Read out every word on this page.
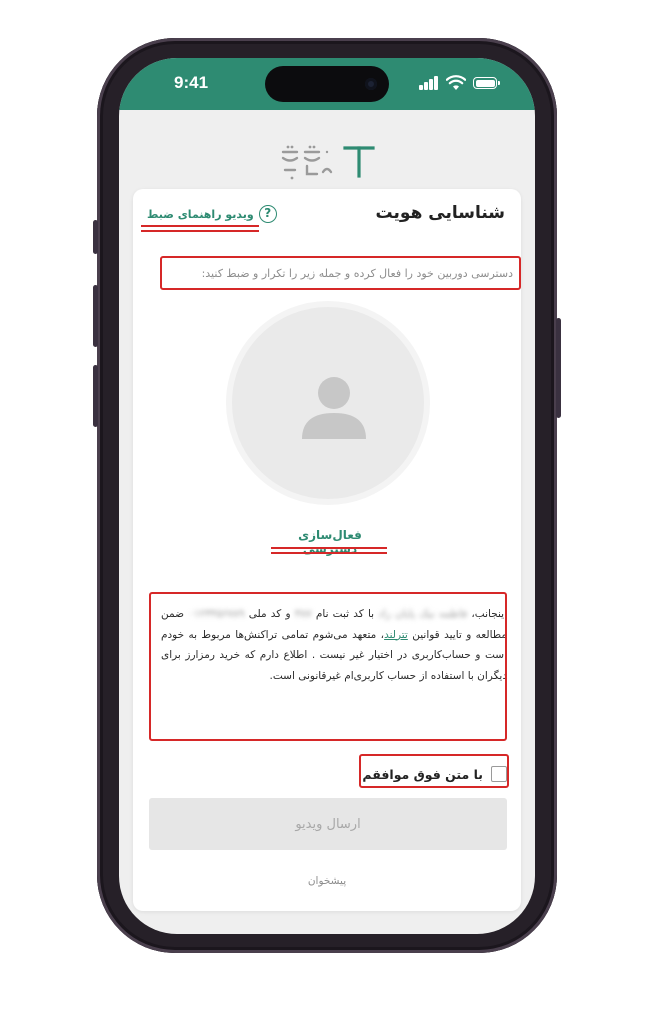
9:41
شناسایی هویت
?
ویدیو راهنمای ضبط
دسترسی دوربین خود را فعال کرده و جمله زیر را تکرار و ضبط کنید:
فعال‌سازی دسترسی
اینجانب، فاطمه نیک پایان راد با کد ثبت نام ۳۸۷ و کد ملی ۰۱۲۳۴۵۶۷۸۹ ضمن مطالعه و تایید قوانین تترلند، متعهد می‌شوم تمامی تراکنش‌ها مربوط به خودم است و حساب‌کاربری در اختیار غیر نیست . اطلاع دارم که خرید رمزارز برای دیگران با استفاده از حساب کاربری‌ام غیرقانونی است.
با متن فوق موافقم
ارسال ویدیو
پیشخوان
